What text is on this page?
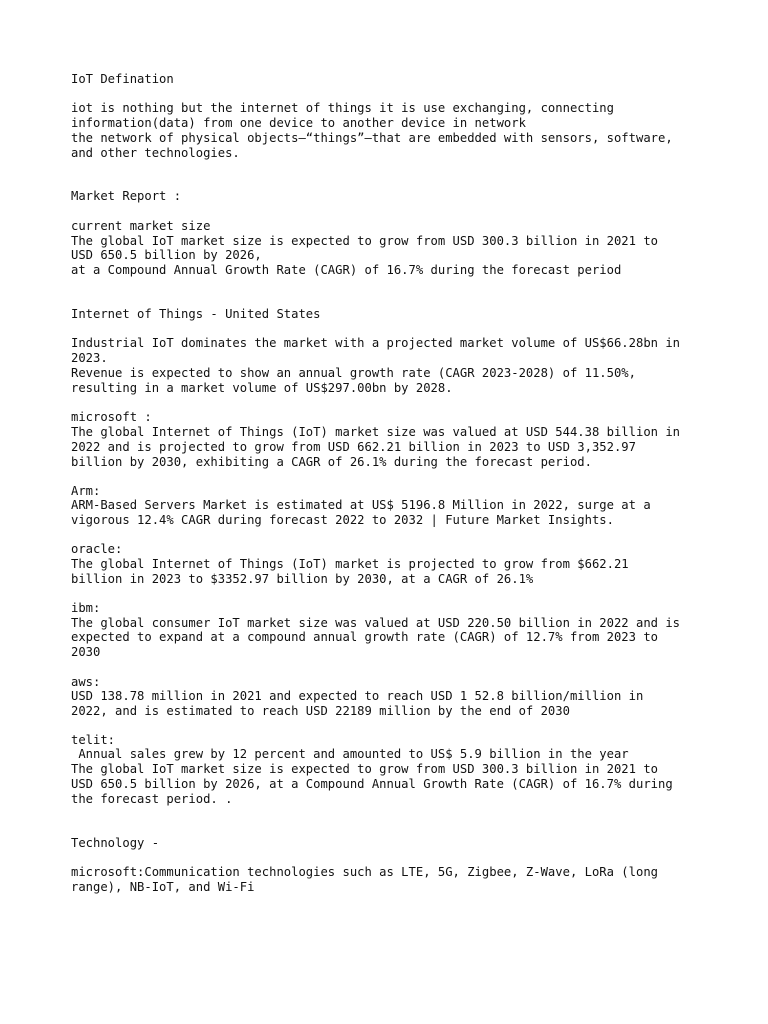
IoT Defination

iot is nothing but the internet of things it is use exchanging, connecting

information(data) from one device to another device in network

the network of physical objects—“things”—that are embedded with sensors, software,

and other technologies.

Market Report :

current market size

The global IoT market size is expected to grow from USD 300.3 billion in 2021 to

USD 650.5 billion by 2026,

at a Compound Annual Growth Rate (CAGR) of 16.7% during the forecast period

Internet of Things - United States

Industrial IoT dominates the market with a projected market volume of US$66.28bn in

2023.

Revenue is expected to show an annual growth rate (CAGR 2023-2028) of 11.50%,

resulting in a market volume of US$297.00bn by 2028.

microsoft :

The global Internet of Things (IoT) market size was valued at USD 544.38 billion in

2022 and is projected to grow from USD 662.21 billion in 2023 to USD 3,352.97

billion by 2030, exhibiting a CAGR of 26.1% during the forecast period.

Arm:

ARM-Based Servers Market is estimated at US$ 5196.8 Million in 2022, surge at a

vigorous 12.4% CAGR during forecast 2022 to 2032 | Future Market Insights.

oracle:

The global Internet of Things (IoT) market is projected to grow from $662.21

billion in 2023 to $3352.97 billion by 2030, at a CAGR of 26.1%

ibm:

The global consumer IoT market size was valued at USD 220.50 billion in 2022 and is

expected to expand at a compound annual growth rate (CAGR) of 12.7% from 2023 to

2030

aws:

USD 138.78 million in 2021 and expected to reach USD 1 52.8 billion/million in

2022, and is estimated to reach USD 22189 million by the end of 2030

telit:

Annual sales grew by 12 percent and amounted to US$ 5.9 billion in the year

The global IoT market size is expected to grow from USD 300.3 billion in 2021 to

USD 650.5 billion by 2026, at a Compound Annual Growth Rate (CAGR) of 16.7% during

the forecast period. .

Technology -

microsoft:Communication technologies such as LTE, 5G, Zigbee, Z-Wave, LoRa (long

range), NB-IoT, and Wi-Fi
